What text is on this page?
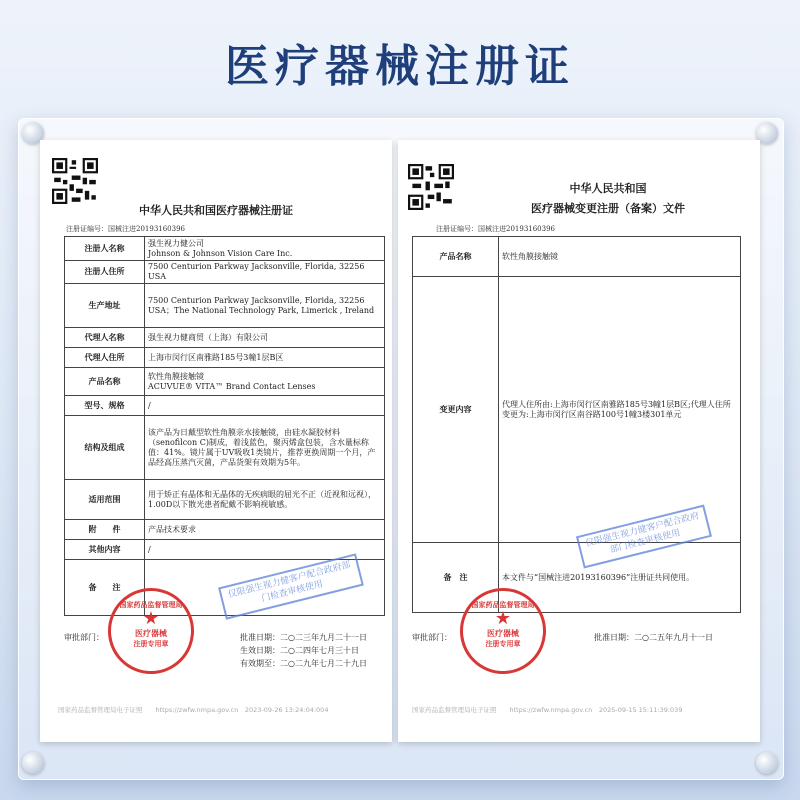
医疗器械注册证
中华人民共和国医疗器械注册证
注册证编号：国械注进20193160396
注册人名称	强生视力健公司
Johnson & Johnson Vision Care Inc.
注册人住所	7500 Centurion Parkway Jacksonville, Florida, 32256 USA
生产地址	7500 Centurion Parkway Jacksonville, Florida, 32256
USA；The National Technology Park, Limerick , Ireland
代理人名称	强生视力健商贸（上海）有限公司
代理人住所	上海市闵行区南雅路185号3幢1层B区
产品名称	软性角膜接触镜
ACUVUE® VITA™ Brand Contact Lenses
型号、规格	/
结构及组成	该产品为日戴型软性角膜亲水接触镜，由硅水凝胶材料（senofilcon C)制成，着浅蓝色，聚丙烯盒包装，含水量标称值：41%。镜片属于UV吸收1类镜片，推荐更换周期一个月，产品经高压蒸汽灭菌，产品货架有效期为5年。
适用范围	用于矫正有晶体和无晶体的无疾病眼的屈光不正（近视和远视），1.00D以下散光患者配戴不影响视敏感。
附　　件	产品技术要求
其他内容	/
备　　注	
审批部门：	批准日期：二○二三年九月二十一日
生效日期：二○二四年七月三十日
有效期至：二○二九年七月二十九日
国家药品监督管理局电子证照　　https://zwfw.nmpa.gov.cn　2023-09-26 13:24:04:004
国家药品监督管理局
★
医疗器械
注册专用章
仅限强生视力健客户配合政府部门检查审核使用
中华人民共和国
医疗器械变更注册（备案）文件
注册证编号：国械注进20193160396
产品名称	软性角膜接触镜
变更内容	代理人住所由:上海市闵行区南雅路185号3幢1层B区;代理人住所变更为:上海市闵行区南谷路100号1幢3楼301单元
备　注	本文件与“国械注进20193160396”注册证共同使用。
审批部门：	批准日期：二○二五年九月十一日
国家药品监督管理局电子证照　　https://zwfw.nmpa.gov.cn　2025-09-15 15:11:39:039
国家药品监督管理局
★
医疗器械
注册专用章
仅限强生视力健客户配合政府部门检查审核使用
